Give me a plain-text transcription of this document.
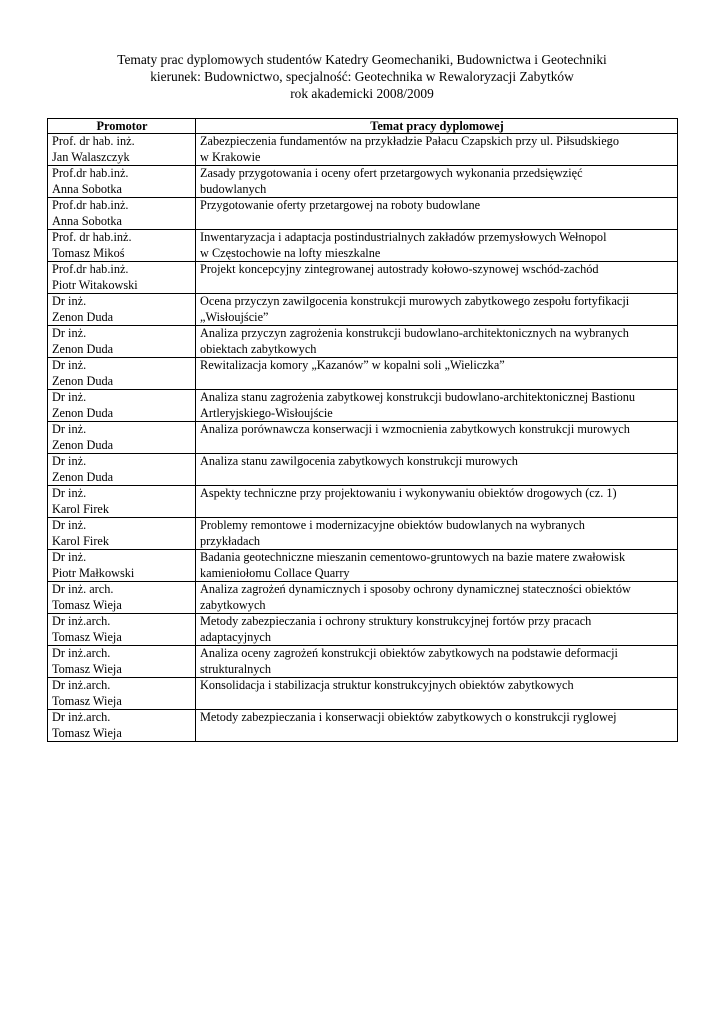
Tematy prac dyplomowych studentów Katedry Geomechaniki, Budownictwa i Geotechniki
kierunek: Budownictwo, specjalność: Geotechnika w Rewaloryzacji Zabytków
rok akademicki 2008/2009
Promotor	Temat pracy dyplomowej

Prof. dr hab. inż.
Jan Walaszczyk	Zabezpieczenia fundamentów na przykładzie Pałacu Czapskich przy ul. Piłsudskiego
w Krakowie

Prof.dr hab.inż.
Anna Sobotka	Zasady przygotowania i oceny ofert przetargowych wykonania przedsięwzięć
budowlanych

Prof.dr hab.inż.
Anna Sobotka	Przygotowanie oferty przetargowej na roboty budowlane

Prof. dr hab.inż.
Tomasz Mikoś	Inwentaryzacja i adaptacja postindustrialnych zakładów przemysłowych Wełnopol
w Częstochowie na lofty mieszkalne

Prof.dr hab.inż.
Piotr Witakowski	Projekt koncepcyjny zintegrowanej autostrady kołowo-szynowej wschód-zachód

Dr inż.
Zenon Duda	Ocena przyczyn zawilgocenia konstrukcji murowych zabytkowego zespołu fortyfikacji
„Wisłoujście”

Dr inż.
Zenon Duda	Analiza przyczyn zagrożenia konstrukcji budowlano-architektonicznych na wybranych
obiektach zabytkowych

Dr inż.
Zenon Duda	Rewitalizacja komory „Kazanów” w kopalni soli „Wieliczka”

Dr inż.
Zenon Duda	Analiza stanu zagrożenia zabytkowej konstrukcji budowlano-architektonicznej Bastionu
Artleryjskiego-Wisłoujście

Dr inż.
Zenon Duda	Analiza porównawcza konserwacji i wzmocnienia zabytkowych konstrukcji murowych

Dr inż.
Zenon Duda	Analiza stanu zawilgocenia zabytkowych konstrukcji murowych

Dr inż.
Karol Firek	Aspekty techniczne przy projektowaniu i wykonywaniu obiektów drogowych (cz. 1)

Dr inż.
Karol Firek	Problemy remontowe i modernizacyjne obiektów budowlanych na wybranych
przykładach

Dr inż.
Piotr Małkowski	Badania geotechniczne mieszanin cementowo-gruntowych na bazie matere zwałowisk
kamieniołomu Collace Quarry

Dr inż. arch.
Tomasz Wieja	Analiza zagrożeń dynamicznych i sposoby ochrony dynamicznej stateczności obiektów
zabytkowych

Dr inż.arch.
Tomasz Wieja	Metody zabezpieczania i ochrony struktury konstrukcyjnej fortów przy pracach
adaptacyjnych

Dr inż.arch.
Tomasz Wieja	Analiza oceny zagrożeń konstrukcji obiektów zabytkowych na podstawie deformacji
strukturalnych

Dr inż.arch.
Tomasz Wieja	Konsolidacja i stabilizacja struktur konstrukcyjnych obiektów zabytkowych

Dr inż.arch.
Tomasz Wieja	Metody zabezpieczania i konserwacji obiektów zabytkowych o konstrukcji ryglowej
